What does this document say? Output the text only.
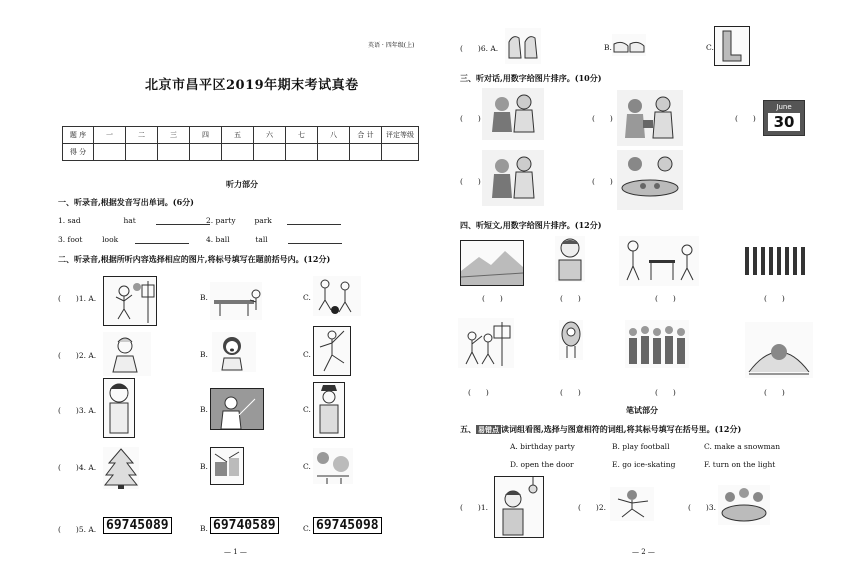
英语 · 四年级(上)
北京市昌平区2019年期末考试真卷
题 序	一	二	三	四	五	六	七	八	合 计	评定等级
得 分										
听力部分
一、听录音,根据发音写出单词。(6分)
1. sad	hat	2. party	park
3. foot	look	4. ball	tall
二、听录音,根据所听内容选择相应的图片,将标号填写在题前括号内。(12分)
(　　)1. A.	B.	C.
(　　)2. A.	B.	C.
(　　)3. A.	B.	C.
(　　)4. A.	B.	C.
(　　)5. A. 69745089	B. 69740589	C. 69745098
— 1 —
(　　)6. A.	B.	C.
三、听对话,用数字给图片排序。(10分)
(　　)	(　　)	(　　)
June
30
(　　)	(　　)
四、听短文,用数字给图片排序。(12分)
(　　)	(　　)	(　　)	(　　)
(　　)	(　　)	(　　)	(　　)
笔试部分
五、 易错点 读词组看图,选择与图意相符的词组,将其标号填写在括号里。(12分)
A. birthday party	B. play football	C. make a snowman
D. open the door	E. go ice-skating	F. turn on the light
(　　)1.	(　　)2.	(　　)3.
— 2 —
